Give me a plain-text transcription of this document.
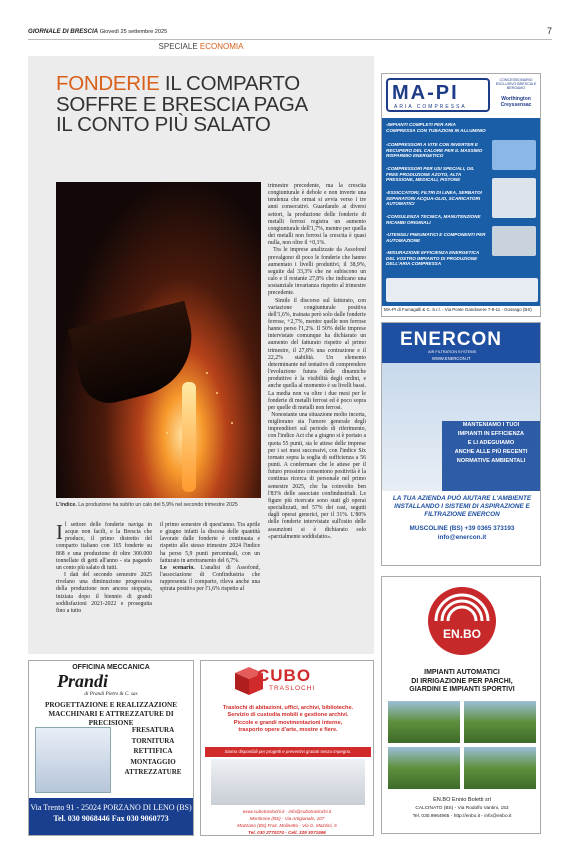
GIORNALE DI BRESCIA Giovedì 25 settembre 2025	7
SPECIALE ECONOMIA
FONDERIE IL COMPARTO
SOFFRE E BRESCIA PAGA
IL CONTO PIÙ SALATO
L'indice. La produzione ha subìto un calo del 5,9% nel secondo trimestre 2025
Il settore delle fonderie naviga in acque non facili, e la Brescia che produce, il primo distretto del comparto italiano con 165 fonderie su 868 e una produzione di oltre 300.000 tonnellate di getti all'anno - sta pagando un conto più salato di tutti.
I dati del secondo semestre 2025 rivelano una diminuzione progressiva della produzione non ancora stoppata, iniziata dopo il biennio di grandi soddisfazioni 2021-2022 e proseguita fino a tutto
il primo semestre di quest'anno. Tra aprile e giugno infatti la discesa delle quantità lavorate dalle fonderie è continuata e rispetto allo stesso trimestre 2024 l'indice ha perso 5,9 punti percentuali, con un fatturato in arretramento del 6,7%.
Lo scenario. L'analisi di Assofond, l'associazione di Confindustria che rappresenta il comparto, rileva anche una spirata positiva per l'1,6% rispetto al
trimestre precedente, ma la crescita congiunturale è debole e non inverte una tendenza che ormai si avvia verso i tre anni consecutivi. Guardando ai diversi settori, la produzione delle fonderie di metalli ferrosi registra un aumento congiunturale dell'1,7%, mentre per quella dei metalli non ferrosi la crescita è quasi nulla, non oltre il +0,1%.
Tra le imprese analizzate da Assofond prevalgono di poco le fonderie che hanno aumentato i livelli produttivi, il 38,9%, seguite dal 33,3% che ne subiscono un calo e il restante 27,8% che indicano una sostanziale invarianza rispetto al trimestre precedente.
Simile il discorso sul fatturato, con variazione congiunturale positiva dell'1,6%, trainata però solo dalle fonderie ferrose, +2,7%, mentre quelle non ferrose hanno perso l'1,2%. Il 50% delle imprese intervistate comunque ha dichiarato un aumento del fatturato rispetto al primo trimestre, il 27,8% una contrazione e il 22,2% stabilità. Un elemento determinante nel tentativo di comprendere l'evoluzione futura delle dinamiche produttive è la visibilità degli ordini, e anche quella al momento è su livelli bassi. La media non va oltre i due mesi per le fonderie di metalli ferrosi ed è poco sopra per quelle di metalli non ferrosi.
Nonostante una situazione molto incerta, migliorano sia l'umore generale degli imprenditori sul periodo di riferimento, con l'indice Act che a giugno si è portato a quota 55 punti, sia le attese delle imprese per i sei mesi successivi, con l'indice Six tornato sopra la soglia di sufficienza a 56 punti. A confermare che le attese per il futuro prossimo consentono positività è la continua ricerca di personale nel primo semestre 2025, che ha coinvolto ben l'83% delle associate confindustriali. Le figure più ricercate sono stati gli operai specializzati, nel 57% dei casi, seguiti dagli operai generici, per il 31%. L'80% delle fonderie intervistate sull'esito delle assunzioni si è dichiarato solo «parzialmente soddisfatto».
MA-PI
ARIA COMPRESSA
CONCESSIONARIO ESCLUSIVO BRESCIA E BERGAMO
Worthington Creyssensac
-IMPIANTI COMPLETI PER ARIA COMPRESSA CON TUBAZIONI IN ALLUMINIO
-COMPRESSORI A VITE CON INVERTER E RECUPERO DEL CALORE PER IL MASSIMO RISPARMIO ENERGETICO
-COMPRESSORI PER USI SPECIALI, OIL FREE PRODUZIONE AZOTO, ALTA PRESSIONE, MEDICALI, PISTONE
-ESSICCATORI, FILTRI DI LINEA, SERBATOI SEPARATORI ACQUA-OLIO, SCARICATORI AUTOMATICI
-CONSULENZA TECNICA, MANUTENZIONE RICAMBI ORIGINALI
-UTENSILI PNEUMATICI E COMPONENTI PER AUTOMAZIONE
-MISURAZIONE EFFICIENZA ENERGETICA DEL VOSTRO IMPIANTO DI PRODUZIONE DELL'ARIA COMPRESSA
MA-PI di Fumagalli & C. S.r.l. - Via Ponte Gandovere 7-9-11 - Gussago (BS)
ENERCON
AIR FILTRATION SYSTEMS
WWW.ENERCON.IT
MANTENIAMO I TUOI
IMPIANTI IN EFFICIENZA
E LI ADEGUIAMO
ANCHE ALLE PIÙ RECENTI
NORMATIVE AMBIENTALI
LA TUA AZIENDA PUÒ AIUTARE L'AMBIENTE
INSTALLANDO I SISTEMI DI ASPIRAZIONE E
FILTRAZIONE ENERCON
MUSCOLINE (BS) +39 0365 373193
info@enercon.it
EN.BO
IMPIANTI AUTOMATICI
DI IRRIGAZIONE PER PARCHI,
GIARDINI E IMPIANTI SPORTIVI
EN.BO Ennio Boletti srl
CALCINATO (BS) - Via Rodolfo Vantini, 153
Tel. 030.9964965 - http://enbo.it - info@enbo.it
OFFICINA MECCANICA
Prandi
di Prandi Pietro & C. sas
PROGETTAZIONE E REALIZZAZIONE
MACCHINARI E ATTREZZATURE DI PRECISIONE
FRESATURA
TORNITURA
RETTIFICA
MONTAGGIO
ATTREZZATURE
Via Trento 91 - 25024 PORZANO DI LENO (BS)
Tel. 030 9068446 Fax 030 9060773
CUBO
TRASLOCHI
Traslochi di abitazioni, uffici, archivi, biblioteche.
Servizio di custodia mobili e gestione archivi.
Piccole e grandi movimentazioni interne,
trasporto opere d'arte, mostre e fiere.
Siamo disponibili per progetti e preventivi gratuiti senza impegno.
www.cubotraslochi.it - info@cubotraslochi.it
Montirone (BS) - Via Artigianale, 107
Mazzano (BS) Fraz. Molinetto - Via G. Mazzini, 5
Tel. 030 2770274 - Cell. 329 3071696
